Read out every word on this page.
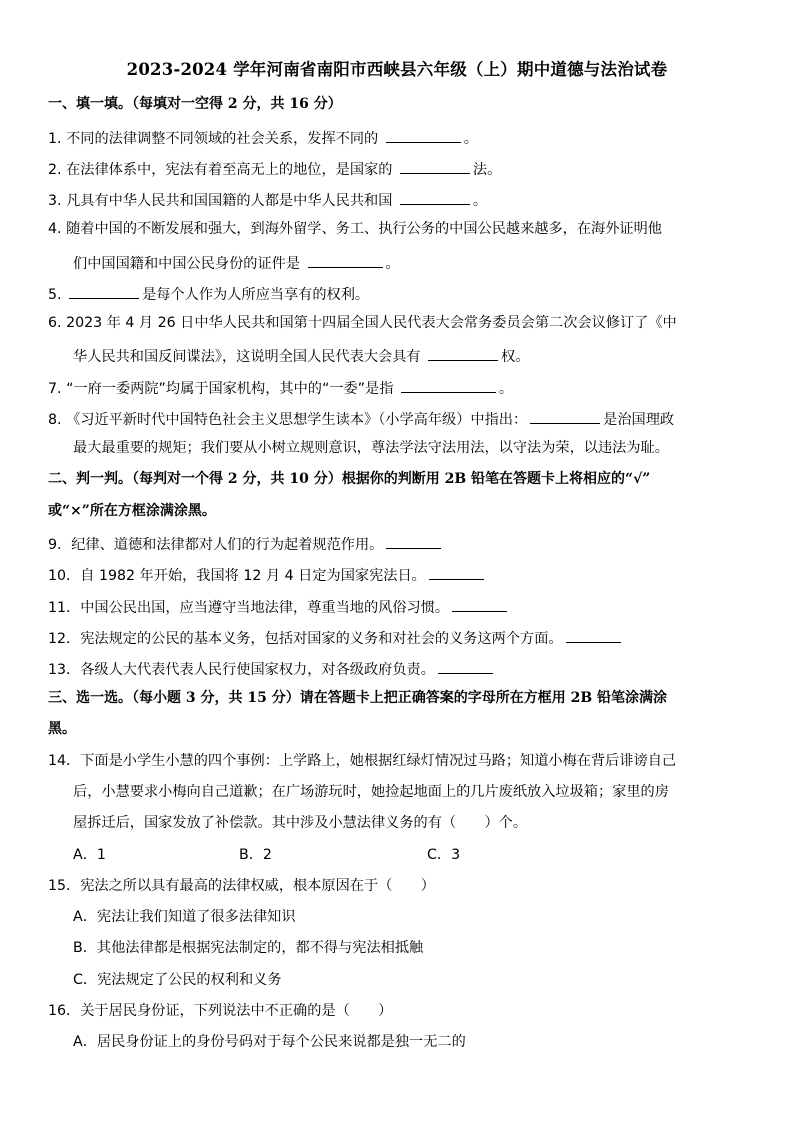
2023-2024 学年河南省南阳市西峡县六年级（上）期中道德与法治试卷
一、填一填。（每填对一空得 2 分，共 16 分）
1. 不同的法律调整不同领域的社会关系，发挥不同的	。
2. 在法律体系中，宪法有着至高无上的地位，是国家的	法。
3. 凡具有中华人民共和国国籍的人都是中华人民共和国	。
4. 随着中国的不断发展和强大，到海外留学、务工、执行公务的中国公民越来越多，在海外证明他
们中国国籍和中国公民身份的证件是	。
5.	是每个人作为人所应当享有的权利。
6. 2023 年 4 月 26 日中华人民共和国第十四届全国人民代表大会常务委员会第二次会议修订了《中
华人民共和国反间谍法》，这说明全国人民代表大会具有	权。
7. “一府一委两院”均属于国家机构，其中的“一委”是指	。
8. 《习近平新时代中国特色社会主义思想学生读本》（小学高年级）中指出：	是治国理政
最大最重要的规矩；我们要从小树立规则意识，尊法学法守法用法，以守法为荣，以违法为耻。
二、判一判。（每判对一个得 2 分，共 10 分）根据你的判断用 2B 铅笔在答题卡上将相应的“√”
或“×”所在方框涂满涂黑。
9．纪律、道德和法律都对人们的行为起着规范作用。
10．自 1982 年开始，我国将 12 月 4 日定为国家宪法日。
11．中国公民出国，应当遵守当地法律，尊重当地的风俗习惯。
12．宪法规定的公民的基本义务，包括对国家的义务和对社会的义务这两个方面。
13．各级人大代表代表人民行使国家权力，对各级政府负责。
三、选一选。（每小题 3 分，共 15 分）请在答题卡上把正确答案的字母所在方框用 2B 铅笔涂满涂
黑。
14．下面是小学生小慧的四个事例：上学路上，她根据红绿灯情况过马路；知道小梅在背后诽谤自己
后，小慧要求小梅向自己道歉；在广场游玩时，她捡起地面上的几片废纸放入垃圾箱；家里的房
屋拆迁后，国家发放了补偿款。其中涉及小慧法律义务的有（　　）个。
A．1	B．2	C．3
15．宪法之所以具有最高的法律权威，根本原因在于（　　）
A．宪法让我们知道了很多法律知识
B．其他法律都是根据宪法制定的，都不得与宪法相抵触
C．宪法规定了公民的权利和义务
16．关于居民身份证，下列说法中不正确的是（　　）
A．居民身份证上的身份号码对于每个公民来说都是独一无二的
